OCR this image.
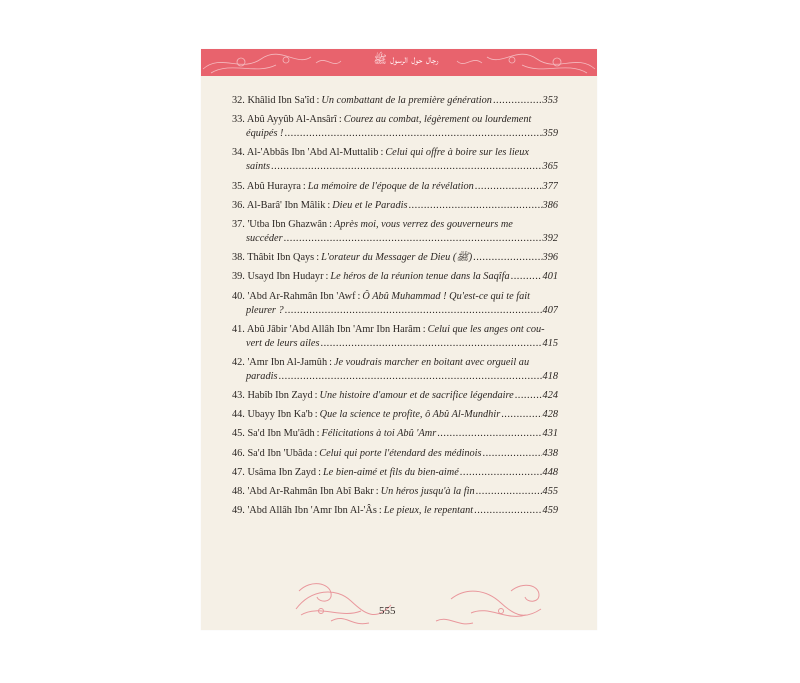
رجال حول الرسول ﷺ
32. Khâlid Ibn Sa'îd : Un combattant de la première génération .....	353
33. Abû Ayyûb Al-Ansârî : Courez au combat, légèrement ou lourdement
équipés ! .....	359
34. Al-'Abbâs Ibn 'Abd Al-Muttalib : Celui qui offre à boire sur les lieux
saints .....	365
35. Abû Hurayra : La mémoire de l'époque de la révélation .....	377
36. Al-Barâ' Ibn Mâlik : Dieu et le Paradis .....	386
37. 'Utba Ibn Ghazwân : Après moi, vous verrez des gouverneurs me
succéder .....	392
38. Thâbit Ibn Qays : L'orateur du Messager de Dieu (ﷺ) .....	396
39. Usayd Ibn Hudayr : Le héros de la réunion tenue dans la Saqîfa .....	401
40. 'Abd Ar-Rahmân Ibn 'Awf : Ô Abû Muhammad ! Qu'est-ce qui te fait
pleurer ? .....	407
41. Abû Jâbir 'Abd Allâh Ibn 'Amr Ibn Harâm : Celui que les anges ont cou-
vert de leurs ailes .....	415
42. 'Amr Ibn Al-Jamûh : Je voudrais marcher en boitant avec orgueil au
paradis .....	418
43. Habîb Ibn Zayd : Une histoire d'amour et de sacrifice légendaire .....	424
44. Ubayy Ibn Ka'b : Que la science te profite, ô Abû Al-Mundhir .....	428
45. Sa'd Ibn Mu'âdh : Félicitations à toi Abû 'Amr .....	431
46. Sa'd Ibn 'Ubâda : Celui qui porte l'étendard des médinois .....	438
47. Usâma Ibn Zayd : Le bien-aimé et fils du bien-aimé .....	448
48. 'Abd Ar-Rahmân Ibn Abî Bakr : Un héros jusqu'à la fin .....	455
49. 'Abd Allâh Ibn 'Amr Ibn Al-'Âs : Le pieux, le repentant .....	459
555
